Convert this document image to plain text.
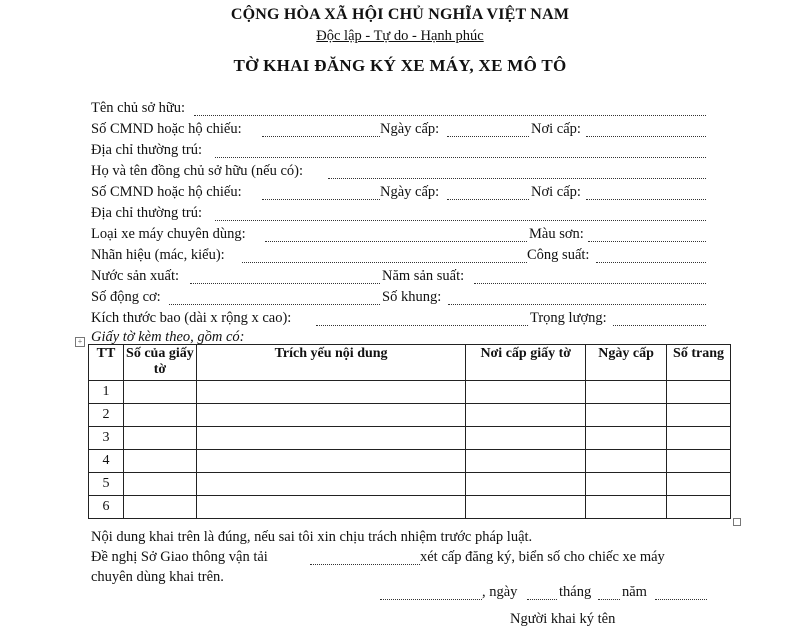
CỘNG HÒA XÃ HỘI CHỦ NGHĨA VIỆT NAM
Độc lập - Tự do - Hạnh phúc
TỜ KHAI ĐĂNG KÝ XE MÁY, XE MÔ TÔ
Tên chủ sở hữu:
Số CMND hoặc hộ chiếu:	Ngày cấp:	Nơi cấp:
Địa chỉ thường trú:
Họ và tên đồng chủ sở hữu (nếu có):
Số CMND hoặc hộ chiếu:	Ngày cấp:	Nơi cấp:
Địa chỉ thường trú:
Loại xe máy chuyên dùng:	Màu sơn:
Nhãn hiệu (mác, kiểu):	Công suất:
Nước sản xuất:	Năm sản suất:
Số động cơ:	Số khung:
Kích thước bao (dài x rộng x cao):	Trọng lượng:
+ Giấy tờ kèm theo, gồm có:
TT	Số của giấy tờ	Trích yếu nội dung	Nơi cấp giấy tờ	Ngày cấp	Số trang
1					
2					
3					
4					
5					
6					
Nội dung khai trên là đúng, nếu sai tôi xin chịu trách nhiệm trước pháp luật.
Đề nghị Sở Giao thông vận tải	xét cấp đăng ký, biển số cho chiếc xe máy
chuyên dùng khai trên.
, ngày	tháng năm
Người khai ký tên
